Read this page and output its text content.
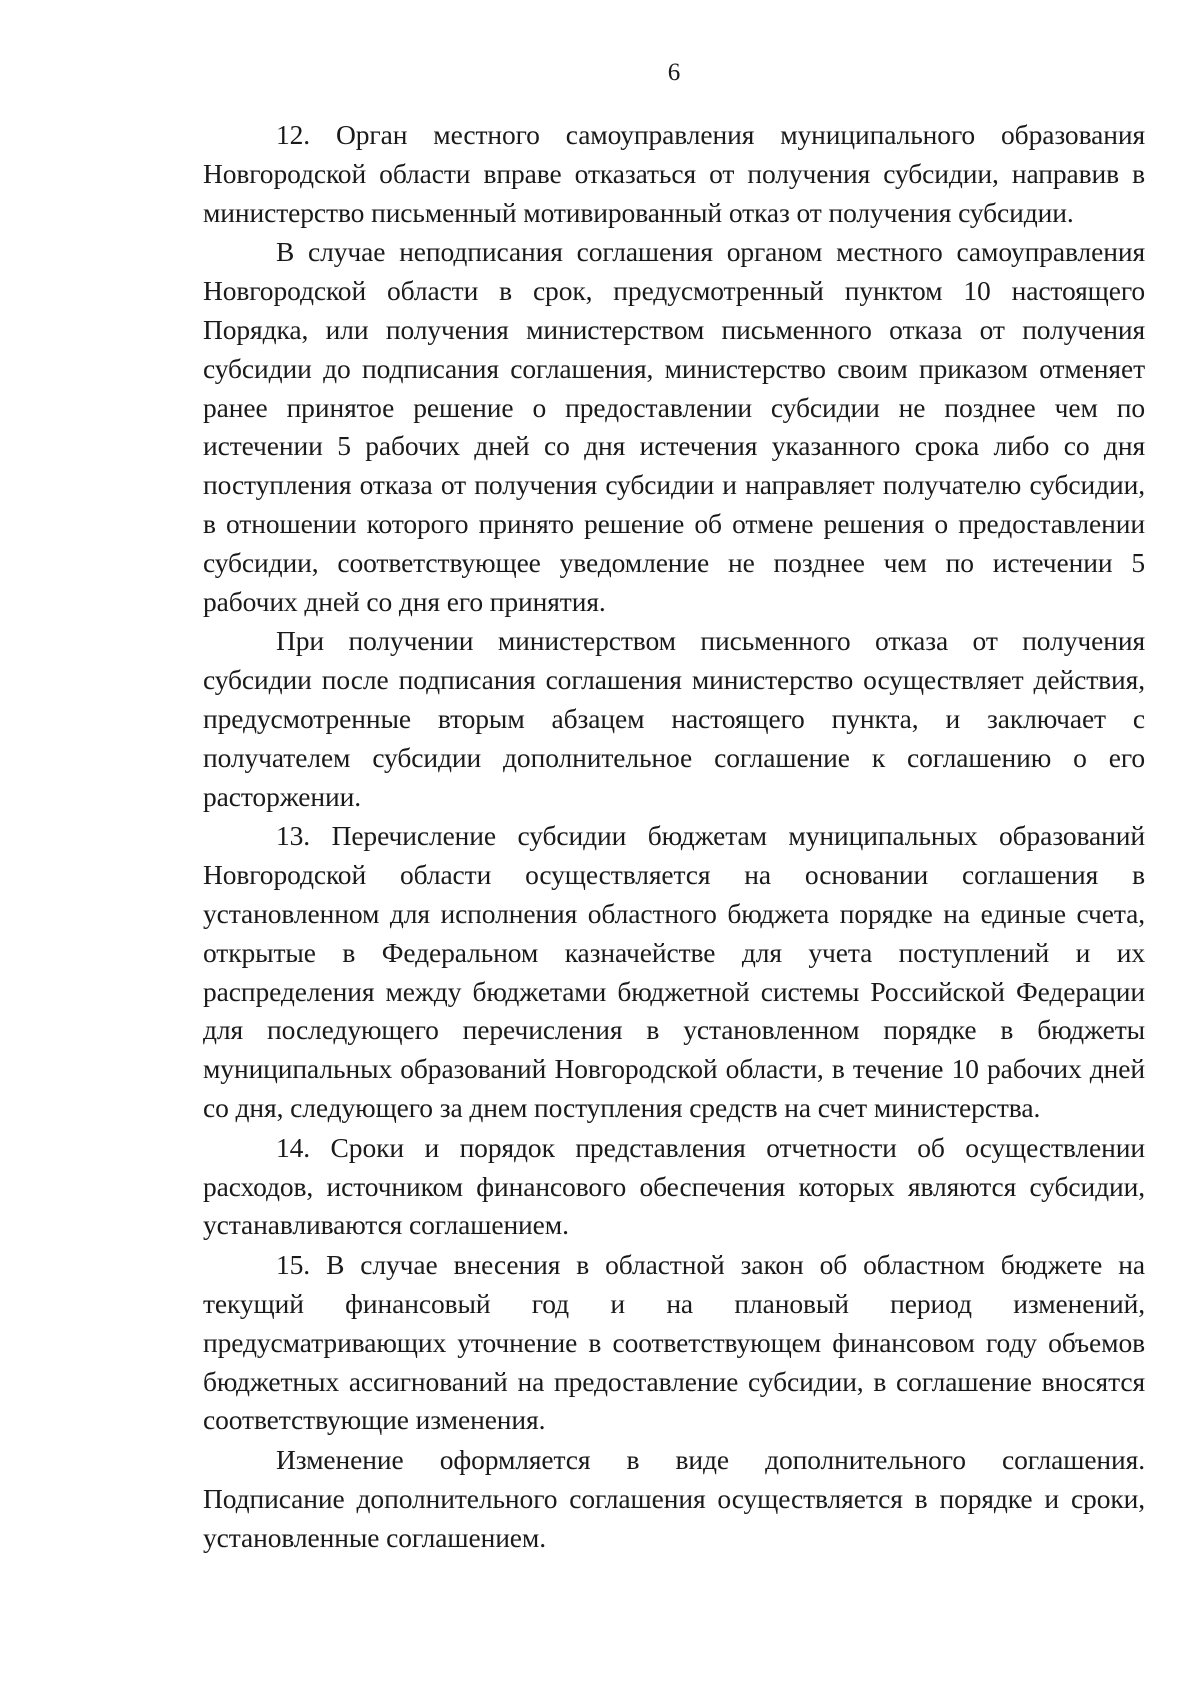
6

12. Орган местного самоуправления муниципального образования Новгородской области вправе отказаться от получения субсидии, направив в министерство письменный мотивированный отказ от получения субсидии.

В случае неподписания соглашения органом местного самоуправления Новгородской области в срок, предусмотренный пунктом 10 настоящего Порядка, или получения министерством письменного отказа от получения субсидии до подписания соглашения, министерство своим приказом отменяет ранее принятое решение о предоставлении субсидии не позднее чем по истечении 5 рабочих дней со дня истечения указанного срока либо со дня поступления отказа от получения субсидии и направляет получателю субсидии, в отношении которого принято решение об отмене решения о предоставлении субсидии, соответствующее уведомление не позднее чем по истечении 5 рабочих дней со дня его принятия.

При получении министерством письменного отказа от получения субсидии после подписания соглашения министерство осуществляет действия, предусмотренные вторым абзацем настоящего пункта, и заключает с получателем субсидии дополнительное соглашение к соглашению о его расторжении.

13. Перечисление субсидии бюджетам муниципальных образований Новгородской области осуществляется на основании соглашения в установленном для исполнения областного бюджета порядке на единые счета, открытые в Федеральном казначействе для учета поступлений и их распределения между бюджетами бюджетной системы Российской Федерации для последующего перечисления в установленном порядке в бюджеты муниципальных образований Новгородской области, в течение 10 рабочих дней со дня, следующего за днем поступления средств на счет министерства.

14. Сроки и порядок представления отчетности об осуществлении расходов, источником финансового обеспечения которых являются субсидии, устанавливаются соглашением.

15. В случае внесения в областной закон об областном бюджете на текущий финансовый год и на плановый период изменений, предусматривающих уточнение в соответствующем финансовом году объемов бюджетных ассигнований на предоставление субсидии, в соглашение вносятся соответствующие изменения.

Изменение оформляется в виде дополнительного соглашения. Подписание дополнительного соглашения осуществляется в порядке и сроки, установленные соглашением.
